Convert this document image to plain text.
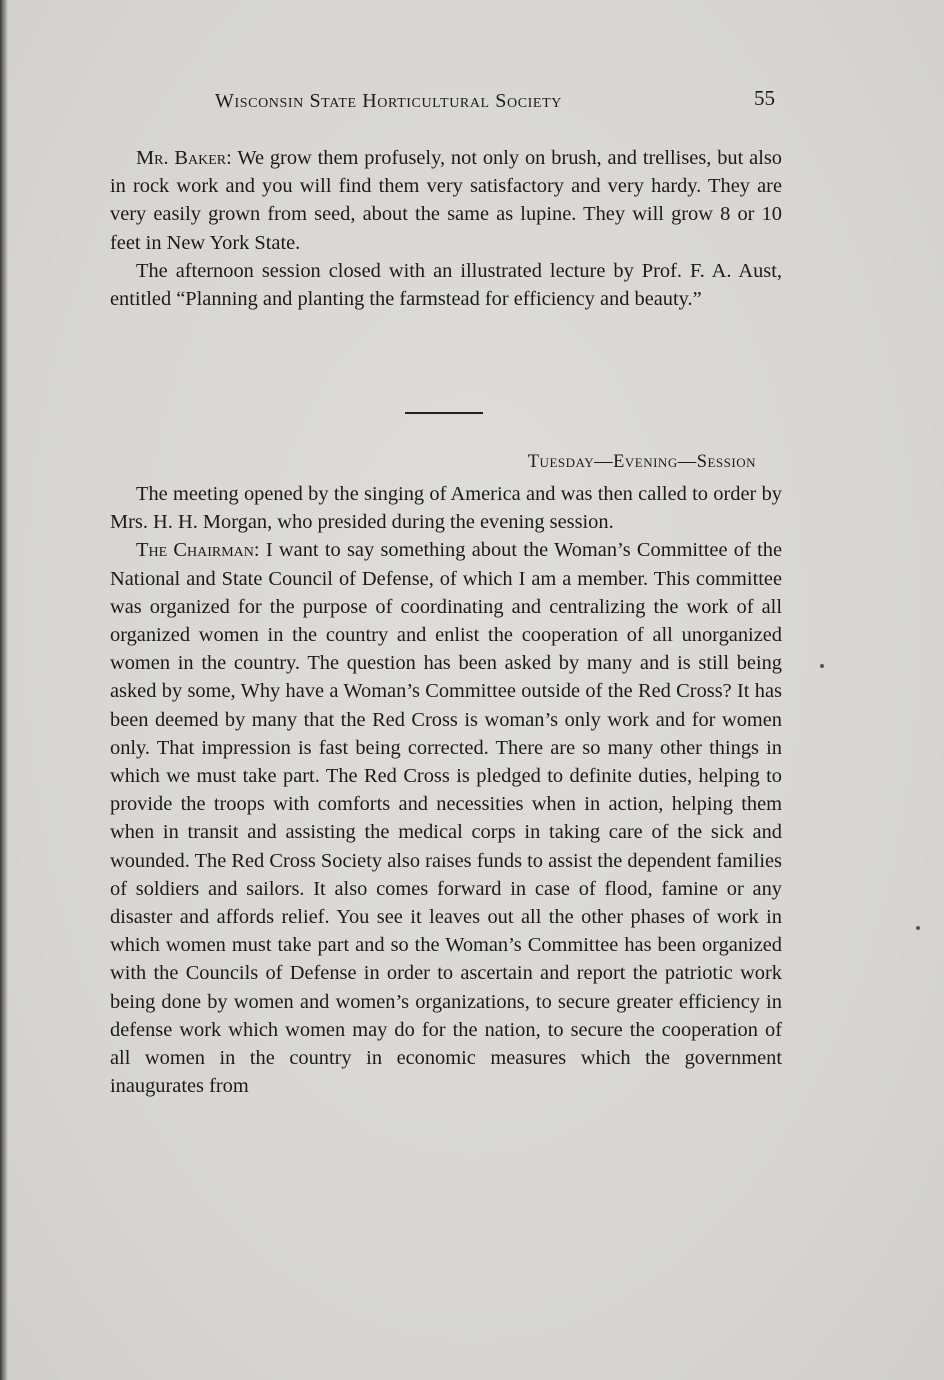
Wisconsin State Horticultural Society	55

Mr. Baker: We grow them profusely, not only on brush, and trellises, but also in rock work and you will find them very satisfactory and very hardy. They are very easily grown from seed, about the same as lupine. They will grow 8 or 10 feet in New York State.

The afternoon session closed with an illustrated lecture by Prof. F. A. Aust, entitled “Planning and planting the farmstead for efficiency and beauty.”

Tuesday—Evening—Session

The meeting opened by the singing of America and was then called to order by Mrs. H. H. Morgan, who presided during the evening session.

The Chairman: I want to say something about the Woman’s Committee of the National and State Council of Defense, of which I am a member. This committee was organized for the purpose of coordinating and centralizing the work of all organized women in the country and enlist the cooperation of all unorganized women in the country. The question has been asked by many and is still being asked by some, Why have a Woman’s Committee outside of the Red Cross? It has been deemed by many that the Red Cross is woman’s only work and for women only. That impression is fast being corrected. There are so many other things in which we must take part. The Red Cross is pledged to definite duties, helping to provide the troops with comforts and necessities when in action, helping them when in transit and assisting the medical corps in taking care of the sick and wounded. The Red Cross Society also raises funds to assist the dependent families of soldiers and sailors. It also comes forward in case of flood, famine or any disaster and affords relief. You see it leaves out all the other phases of work in which women must take part and so the Woman’s Committee has been organized with the Councils of Defense in order to ascertain and report the patriotic work being done by women and women’s organizations, to secure greater efficiency in defense work which women may do for the nation, to secure the cooperation of all women in the country in economic measures which the government inaugurates from
